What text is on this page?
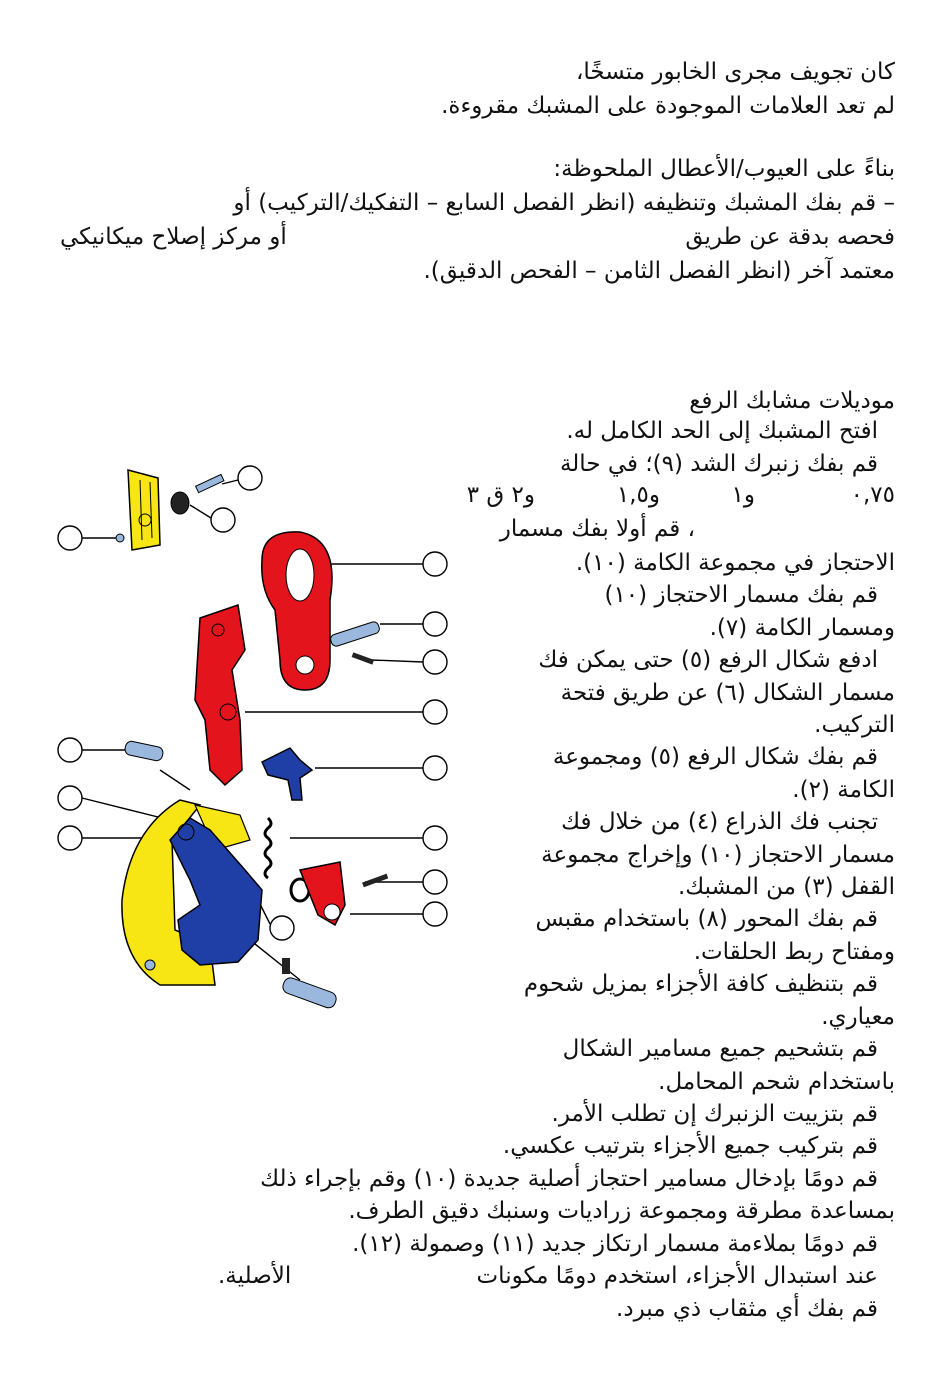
كان تجويف مجرى الخابور متسخًا،
لم تعد العلامات الموجودة على المشبك مقروءة.
بناءً على العيوب/الأعطال الملحوظة:
– قم بفك المشبك وتنظيفه (انظر الفصل السابع – التفكيك/التركيب) أو
فحصه بدقة عن طريق
أو مركز إصلاح ميكانيكي
معتمد آخر (انظر الفصل الثامن – الفحص الدقيق).
موديلات مشابك الرفع
افتح المشبك إلى الحد الكامل له.
قم بفك زنبرك الشد (٩)؛ في حالة
٠,٧٥
و١
و١,٥
و٢ ق ٣
، قم أولا بفك مسمار
الاحتجاز في مجموعة الكامة (١٠).
قم بفك مسمار الاحتجاز (١٠)
ومسمار الكامة (٧).
ادفع شكال الرفع (٥) حتى يمكن فك
مسمار الشكال (٦) عن طريق فتحة
التركيب.
قم بفك شكال الرفع (٥) ومجموعة
الكامة (٢).
تجنب فك الذراع (٤) من خلال فك
مسمار الاحتجاز (١٠) وإخراج مجموعة
القفل (٣) من المشبك.
قم بفك المحور (٨) باستخدام مقبس
ومفتاح ربط الحلقات.
قم بتنظيف كافة الأجزاء بمزيل شحوم
معياري.
قم بتشحيم جميع مسامير الشكال
باستخدام شحم المحامل.
قم بتزييت الزنبرك إن تطلب الأمر.
قم بتركيب جميع الأجزاء بترتيب عكسي.
قم دومًا بإدخال مسامير احتجاز أصلية جديدة (١٠) وقم بإجراء ذلك
بمساعدة مطرقة ومجموعة زراديات وسنبك دقيق الطرف.
قم دومًا بملاءمة مسمار ارتكاز جديد (١١) وصمولة (١٢).
عند استبدال الأجزاء، استخدم دومًا مكونات
الأصلية.
قم بفك أي مثقاب ذي مبرد.
